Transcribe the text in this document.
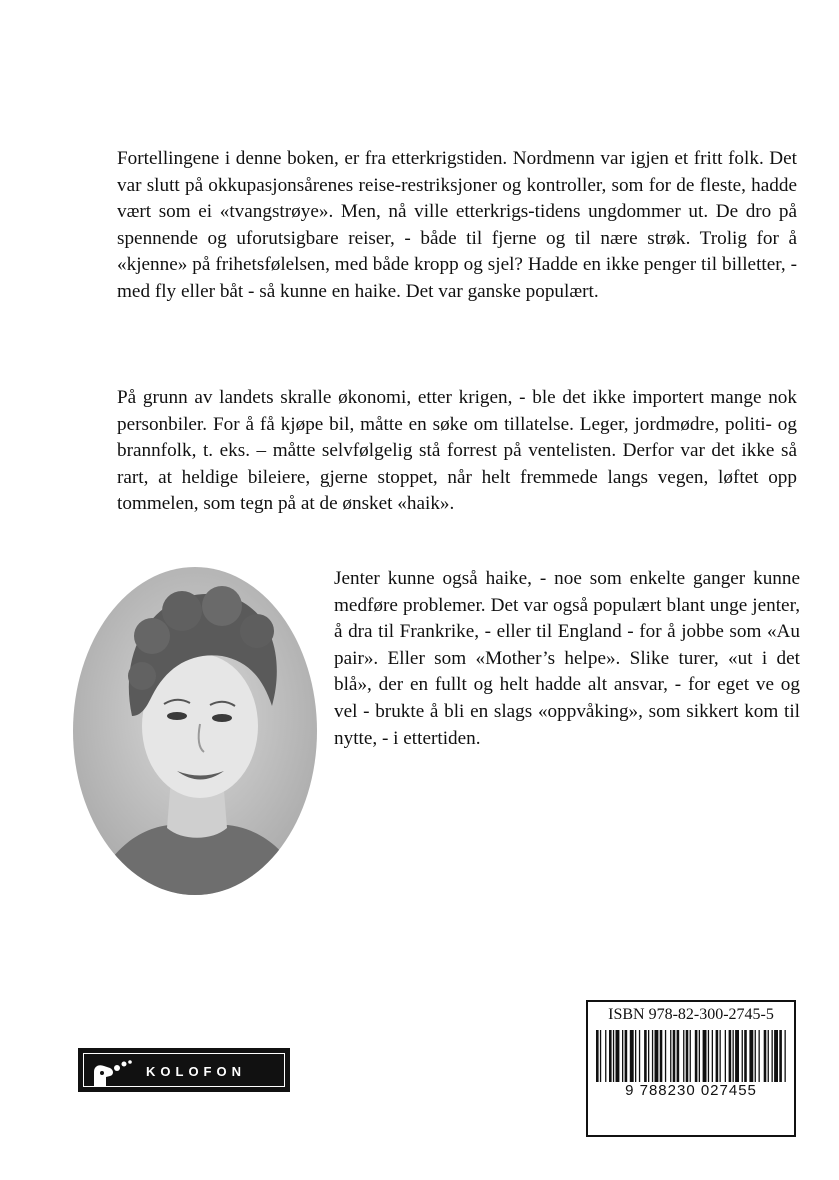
Fortellingene i denne boken, er fra etterkrigstiden. Nordmenn var igjen et fritt folk. Det var slutt på okkupasjonsårenes reise-restriksjoner og kontroller, som for de fleste, hadde vært som ei «tvangstrøye». Men, nå ville etterkrigs-tidens ungdommer ut. De dro på spennende og uforutsigbare reiser, - både til fjerne og til nære strøk. Trolig for å «kjenne» på frihetsfølelsen, med både kropp og sjel? Hadde en ikke penger til billetter, - med fly eller båt - så kunne en haike. Det var ganske populært.

På grunn av landets skralle økonomi, etter krigen, - ble det ikke importert mange nok personbiler. For å få kjøpe bil, måtte en søke om tillatelse. Leger, jordmødre, politi- og brannfolk, t. eks. – måtte selvfølgelig stå forrest på ventelisten. Derfor var det ikke så rart, at heldige bileiere, gjerne stoppet, når helt fremmede langs vegen, løftet opp tommelen, som tegn på at de ønsket «haik».

Jenter kunne også haike, - noe som enkelte ganger kunne medføre problemer. Det var også populært blant unge jenter, å dra til Frankrike, - eller til England - for å jobbe som «Au pair». Eller som «Mother’s helpe». Slike turer, «ut i det blå», der en fullt og helt hadde alt ansvar, - for eget ve og vel - brukte å bli en slags «oppvåking», som sikkert kom til nytte, - i ettertiden.

ISBN 978-82-300-2745-5
9 788230 027455
KOLOFON
